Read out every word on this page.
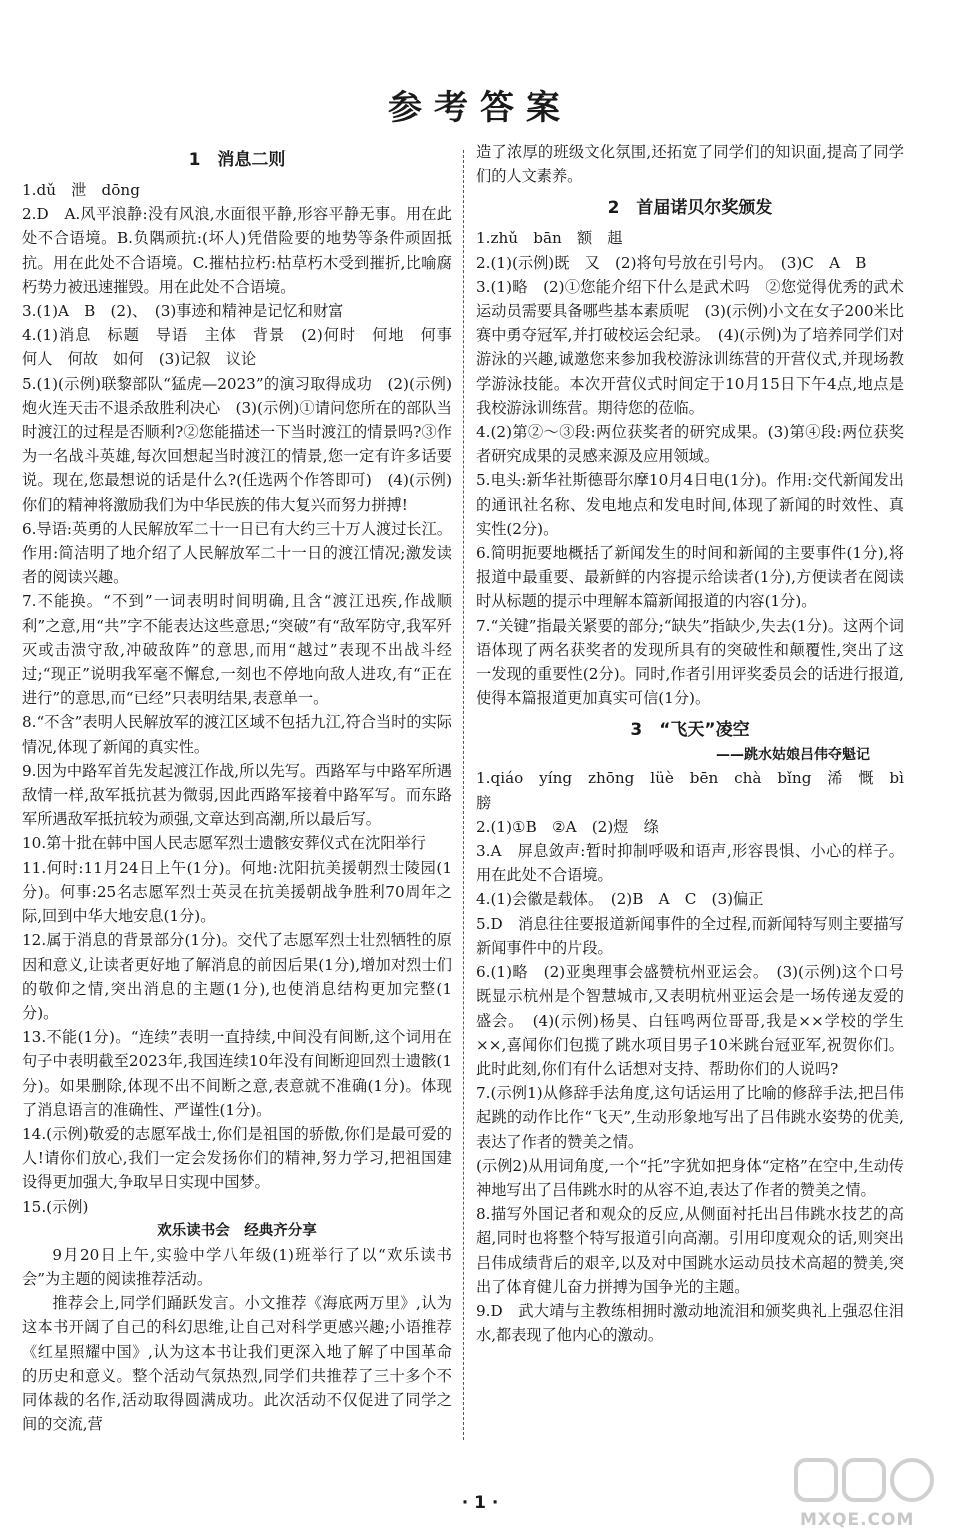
参考答案
1　消息二则

1.dǔ　泄　dōng

2.D　A.风平浪静:没有风浪,水面很平静,形容平静无事。用在此处不合语境。B.负隅顽抗:(坏人)凭借险要的地势等条件顽固抵抗。用在此处不合语境。C.摧枯拉朽:枯草朽木受到摧折,比喻腐朽势力被迅速摧毁。用在此处不合语境。

3.(1)A　B　(2)、　(3)事迹和精神是记忆和财富

4.(1)消息　标题　导语　主体　背景　(2)何时　何地　何事　何人　何故　如何　(3)记叙　议论

5.(1)(示例)联黎部队“猛虎—2023”的演习取得成功　(2)(示例)炮火连天击不退杀敌胜利决心　(3)(示例)①请问您所在的部队当时渡江的过程是否顺利?②您能描述一下当时渡江的情景吗?③作为一名战斗英雄,每次回想起当时渡江的情景,您一定有许多话要说。现在,您最想说的话是什么?(任选两个作答即可)　(4)(示例)你们的精神将激励我们为中华民族的伟大复兴而努力拼搏!

6.导语:英勇的人民解放军二十一日已有大约三十万人渡过长江。作用:简洁明了地介绍了人民解放军二十一日的渡江情况;激发读者的阅读兴趣。

7.不能换。“不到”一词表明时间明确,且含“渡江迅疾,作战顺利”之意,用“共”字不能表达这些意思;“突破”有“敌军防守,我军歼灭或击溃守敌,冲破敌阵”的意思,而用“越过”表现不出战斗经过;“现正”说明我军毫不懈怠,一刻也不停地向敌人进攻,有“正在进行”的意思,而“已经”只表明结果,表意单一。

8.“不含”表明人民解放军的渡江区域不包括九江,符合当时的实际情况,体现了新闻的真实性。

9.因为中路军首先发起渡江作战,所以先写。西路军与中路军所遇敌情一样,敌军抵抗甚为微弱,因此西路军接着中路军写。而东路军所遇敌军抵抗较为顽强,文章达到高潮,所以最后写。

10.第十批在韩中国人民志愿军烈士遗骸安葬仪式在沈阳举行

11.何时:11月24日上午(1分)。何地:沈阳抗美援朝烈士陵园(1分)。何事:25名志愿军烈士英灵在抗美援朝战争胜利70周年之际,回到中华大地安息(1分)。

12.属于消息的背景部分(1分)。交代了志愿军烈士壮烈牺牲的原因和意义,让读者更好地了解消息的前因后果(1分),增加对烈士们的敬仰之情,突出消息的主题(1分),也使消息结构更加完整(1分)。

13.不能(1分)。“连续”表明一直持续,中间没有间断,这个词用在句子中表明截至2023年,我国连续10年没有间断迎回烈士遗骸(1分)。如果删除,体现不出不间断之意,表意就不准确(1分)。体现了消息语言的准确性、严谨性(1分)。

14.(示例)敬爱的志愿军战士,你们是祖国的骄傲,你们是最可爱的人!请你们放心,我们一定会发扬你们的精神,努力学习,把祖国建设得更加强大,争取早日实现中国梦。

15.(示例)

欢乐读书会　经典齐分享

9月20日上午,实验中学八年级(1)班举行了以“欢乐读书会”为主题的阅读推荐活动。

推荐会上,同学们踊跃发言。小文推荐《海底两万里》,认为这本书开阔了自己的科幻思维,让自己对科学更感兴趣;小语推荐《红星照耀中国》,认为这本书让我们更深入地了解了中国革命的历史和意义。整个活动气氛热烈,同学们共推荐了三十多个不同体裁的名作,活动取得圆满成功。此次活动不仅促进了同学之间的交流,营

造了浓厚的班级文化氛围,还拓宽了同学们的知识面,提高了同学们的人文素养。

2　首届诺贝尔奖颁发

1.zhǔ　bān　额　趄

2.(1)(示例)既　又　(2)将句号放在引号内。　(3)C　A　B

3.(1)略　(2)①您能介绍下什么是武术吗　②您觉得优秀的武术运动员需要具备哪些基本素质呢　(3)(示例)小文在女子200米比赛中勇夺冠军,并打破校运会纪录。　(4)(示例)为了培养同学们对游泳的兴趣,诚邀您来参加我校游泳训练营的开营仪式,并现场教学游泳技能。本次开营仪式时间定于10月15日下午4点,地点是我校游泳训练营。期待您的莅临。

4.(2)第②～③段:两位获奖者的研究成果。(3)第④段:两位获奖者研究成果的灵感来源及应用领域。

5.电头:新华社斯德哥尔摩10月4日电(1分)。作用:交代新闻发出的通讯社名称、发电地点和发电时间,体现了新闻的时效性、真实性(2分)。

6.简明扼要地概括了新闻发生的时间和新闻的主要事件(1分),将报道中最重要、最新鲜的内容提示给读者(1分),方便读者在阅读时从标题的提示中理解本篇新闻报道的内容(1分)。

7.“关键”指最关紧要的部分;“缺失”指缺少,失去(1分)。这两个词语体现了两名获奖者的发现所具有的突破性和颠覆性,突出了这一发现的重要性(2分)。同时,作者引用评奖委员会的话进行报道,使得本篇报道更加真实可信(1分)。

3　“飞天”凌空
——跳水姑娘吕伟夺魁记

1.qiáo　yíng　zhōng　lüè　bēn　chà　bǐng　浠　慨　bì　膀

2.(1)①B　②A　(2)煜　绦

3.A　屏息敛声:暂时抑制呼吸和语声,形容畏惧、小心的样子。用在此处不合语境。

4.(1)会徽是载体。　(2)B　A　C　(3)偏正

5.D　消息往往要报道新闻事件的全过程,而新闻特写则主要描写新闻事件中的片段。

6.(1)略　(2)亚奥理事会盛赞杭州亚运会。　(3)(示例)这个口号既显示杭州是个智慧城市,又表明杭州亚运会是一场传递友爱的盛会。　(4)(示例)杨昊、白钰鸣两位哥哥,我是××学校的学生××,喜闻你们包揽了跳水项目男子10米跳台冠亚军,祝贺你们。此时此刻,你们有什么话想对支持、帮助你们的人说吗?

7.(示例1)从修辞手法角度,这句话运用了比喻的修辞手法,把吕伟起跳的动作比作“飞天”,生动形象地写出了吕伟跳水姿势的优美,表达了作者的赞美之情。
(示例2)从用词角度,一个“托”字犹如把身体“定格”在空中,生动传神地写出了吕伟跳水时的从容不迫,表达了作者的赞美之情。

8.描写外国记者和观众的反应,从侧面衬托出吕伟跳水技艺的高超,同时也将整个特写报道引向高潮。引用印度观众的话,则突出吕伟成绩背后的艰辛,以及对中国跳水运动员技术高超的赞美,突出了体育健儿奋力拼搏为国争光的主题。

9.D　武大靖与主教练相拥时激动地流泪和颁奖典礼上强忍住泪水,都表现了他内心的激动。

· 1 ·
MXQE.COM
